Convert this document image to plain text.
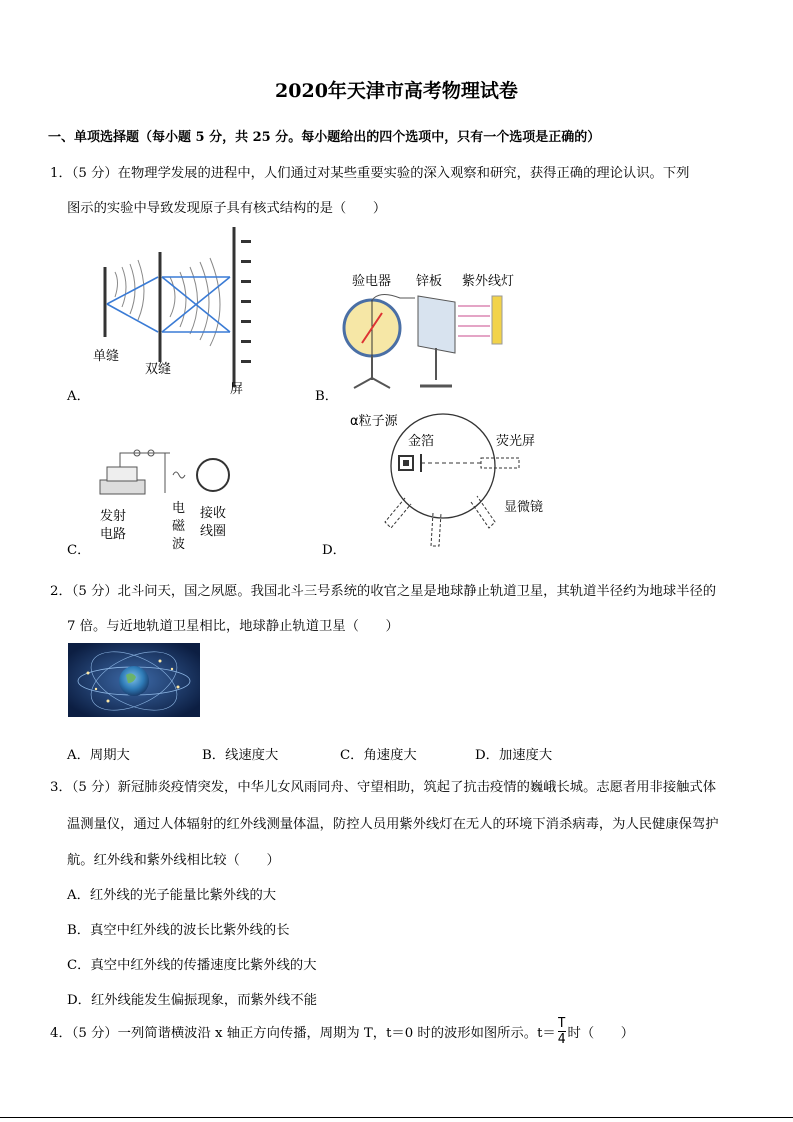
2020年天津市高考物理试卷
一、单项选择题（每小题 5 分，共 25 分。每小题给出的四个选项中，只有一个选项是正确的）
1．（5 分）在物理学发展的进程中，人们通过对某些重要实验的深入观察和研究，获得正确的理论认识。下列
图示的实验中导致发现原子具有核式结构的是（　　）
单缝
双缝
屏
A．
验电器 锌板 紫外线灯
B．
发射
电路
电
磁
波
接收
线圈
C．
α粒子源
金箔	荧光屏
显微镜
D．
2．（5 分）北斗问天，国之夙愿。我国北斗三号系统的收官之星是地球静止轨道卫星，其轨道半径约为地球半径的
7 倍。与近地轨道卫星相比，地球静止轨道卫星（　　）
A．周期大	B．线速度大	C．角速度大	D．加速度大
3．（5 分）新冠肺炎疫情突发，中华儿女风雨同舟、守望相助，筑起了抗击疫情的巍峨长城。志愿者用非接触式体
温测量仪，通过人体辐射的红外线测量体温，防控人员用紫外线灯在无人的环境下消杀病毒，为人民健康保驾护
航。红外线和紫外线相比较（　　）
A．红外线的光子能量比紫外线的大
B．真空中红外线的波长比紫外线的长
C．真空中红外线的传播速度比紫外线的大
D．红外线能发生偏振现象，而紫外线不能
4．（5 分）一列简谐横波沿 x 轴正方向传播，周期为 T，t＝0 时的波形如图所示。$t= \frac{T}{4}$ 时（　　）
